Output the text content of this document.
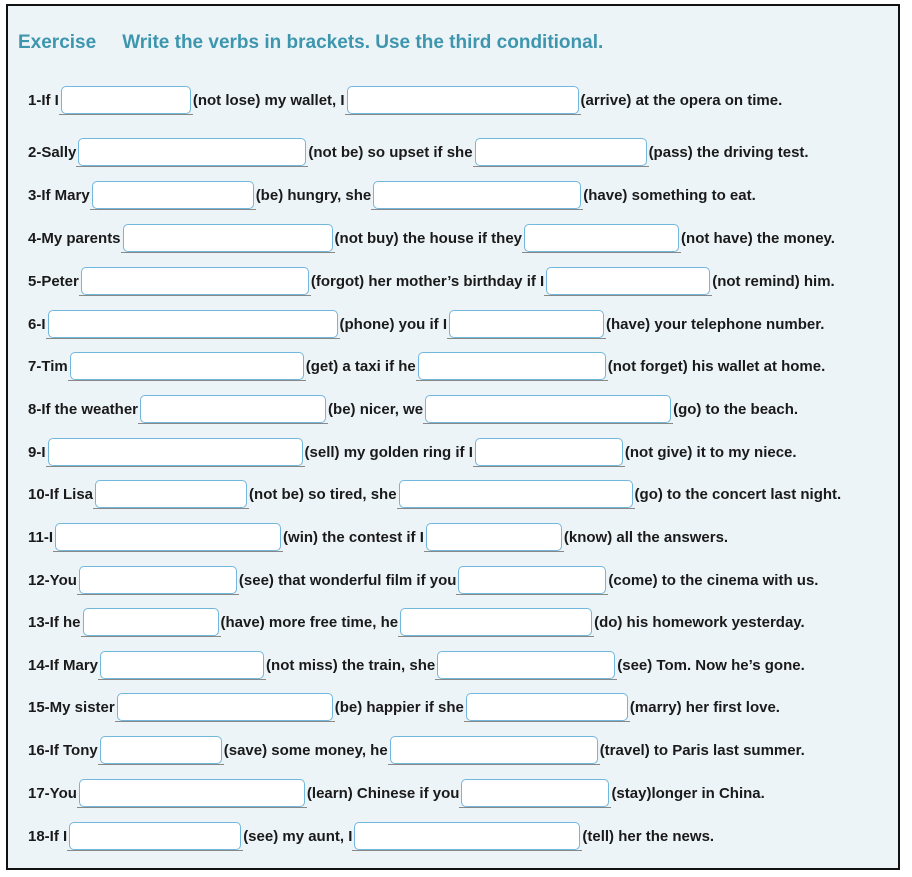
Exercise Write the verbs in brackets. Use the third conditional.
1-If I	(not lose) my wallet, I	(arrive) at the opera on time.
2-Sally	(not be) so upset if she	(pass) the driving test.
3-If Mary	(be) hungry, she	(have) something to eat.
4-My parents	(not buy) the house if they	(not have) the money.
5-Peter	(forgot) her mother’s birthday if I	(not remind) him.
6-I	(phone) you if I	(have) your telephone number.
7-Tim	(get) a taxi if he	(not forget) his wallet at home.
8-If the weather	(be) nicer, we	(go) to the beach.
9-I	(sell) my golden ring if I	(not give) it to my niece.
10-If Lisa	(not be) so tired, she	(go) to the concert last night.
11-I	(win) the contest if I	(know) all the answers.
12-You	(see) that wonderful film if you	(come) to the cinema with us.
13-If he	(have) more free time, he	(do) his homework yesterday.
14-If Mary	(not miss) the train, she	(see) Tom. Now he’s gone.
15-My sister	(be) happier if she	(marry) her first love.
16-If Tony	(save) some money, he	(travel) to Paris last summer.
17-You	(learn) Chinese if you	(stay)longer in China.
18-If I	(see) my aunt, I	(tell) her the news.
